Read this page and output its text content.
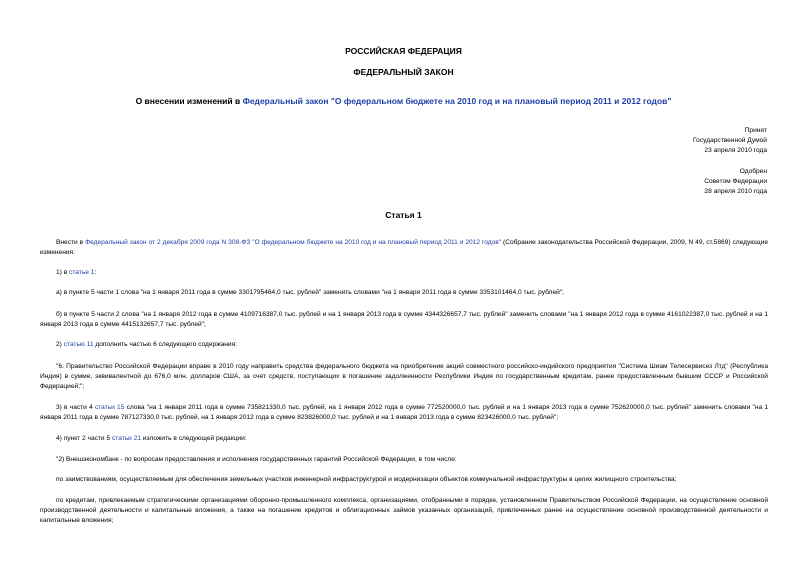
РОССИЙСКАЯ ФЕДЕРАЦИЯ
ФЕДЕРАЛЬНЫЙ ЗАКОН
О внесении изменений в Федеральный закон "О федеральном бюджете на 2010 год и на плановый период 2011 и 2012 годов"
Принят
Государственной Думой
23 апреля 2010 года
Одобрен
Советом Федерации
28 апреля 2010 года
Статья 1
Внести в Федеральный закон от 2 декабря 2009 года N 308-ФЗ "О федеральном бюджете на 2010 год и на плановый период 2011 и 2012 годов" (Собрание законодательства Российской Федерации, 2009, N 49, ст.5869) следующие изменения:
1) в статье 1:
а) в пункте 5 части 1 слова "на 1 января 2011 года в сумме 3301795464,0 тыс. рублей" заменить словами "на 1 января 2011 года в сумме 3353101464,0 тыс. рублей";
б) в пункте 5 части 2 слова "на 1 января 2012 года в сумме 4109716387,0 тыс. рублей и на 1 января 2013 года в сумме 4344326657,7 тыс. рублей" заменить словами "на 1 января 2012 года в сумме 4161022387,0 тыс. рублей и на 1 января 2013 года в сумме 4415132657,7 тыс. рублей";
2) статью 11 дополнить частью 6 следующего содержания:
"6. Правительство Российской Федерации вправе в 2010 году направить средства федерального бюджета на приобретение акций совместного российско-индийского предприятия "Система Шиам Телесервисез Лтд" (Республика Индия) в сумме, эквивалентной до 676,0 млн. долларов США, за счет средств, поступающих в погашение задолженности Республики Индия по государственным кредитам, ранее предоставленным бывшим СССР и Российской Федерацией;";
3) в части 4 статьи 15 слова "на 1 января 2011 года в сумме 735821330,0 тыс. рублей, на 1 января 2012 года в сумме 772520000,0 тыс. рублей и на 1 января 2013 года в сумме 752620000,0 тыс. рублей" заменить словами "на 1 января 2011 года в сумме 787127330,0 тыс. рублей, на 1 января 2012 года в сумме 823826000,0 тыс. рублей и на 1 января 2013 года в сумме 823426000,0 тыс. рублей";
4) пункт 2 части 5 статьи 21 изложить в следующей редакции:
"2) Внешэкономбанк - по вопросам предоставления и исполнения государственных гарантий Российской Федерации, в том числе:
по заимствованиям, осуществляемым для обеспечения земельных участков инженерной инфраструктурой и модернизации объектов коммунальной инфраструктуры в целях жилищного строительства;
по кредитам, привлекаемым стратегическими организациями оборонно-промышленного комплекса, организациями, отобранными в порядке, установленном Правительством Российской Федерации, на осуществление основной производственной деятельности и капитальные вложения, а также на погашение кредитов и облигационных займов указанных организаций, привлеченных ранее на осуществление основной производственной деятельности и капитальные вложения;
